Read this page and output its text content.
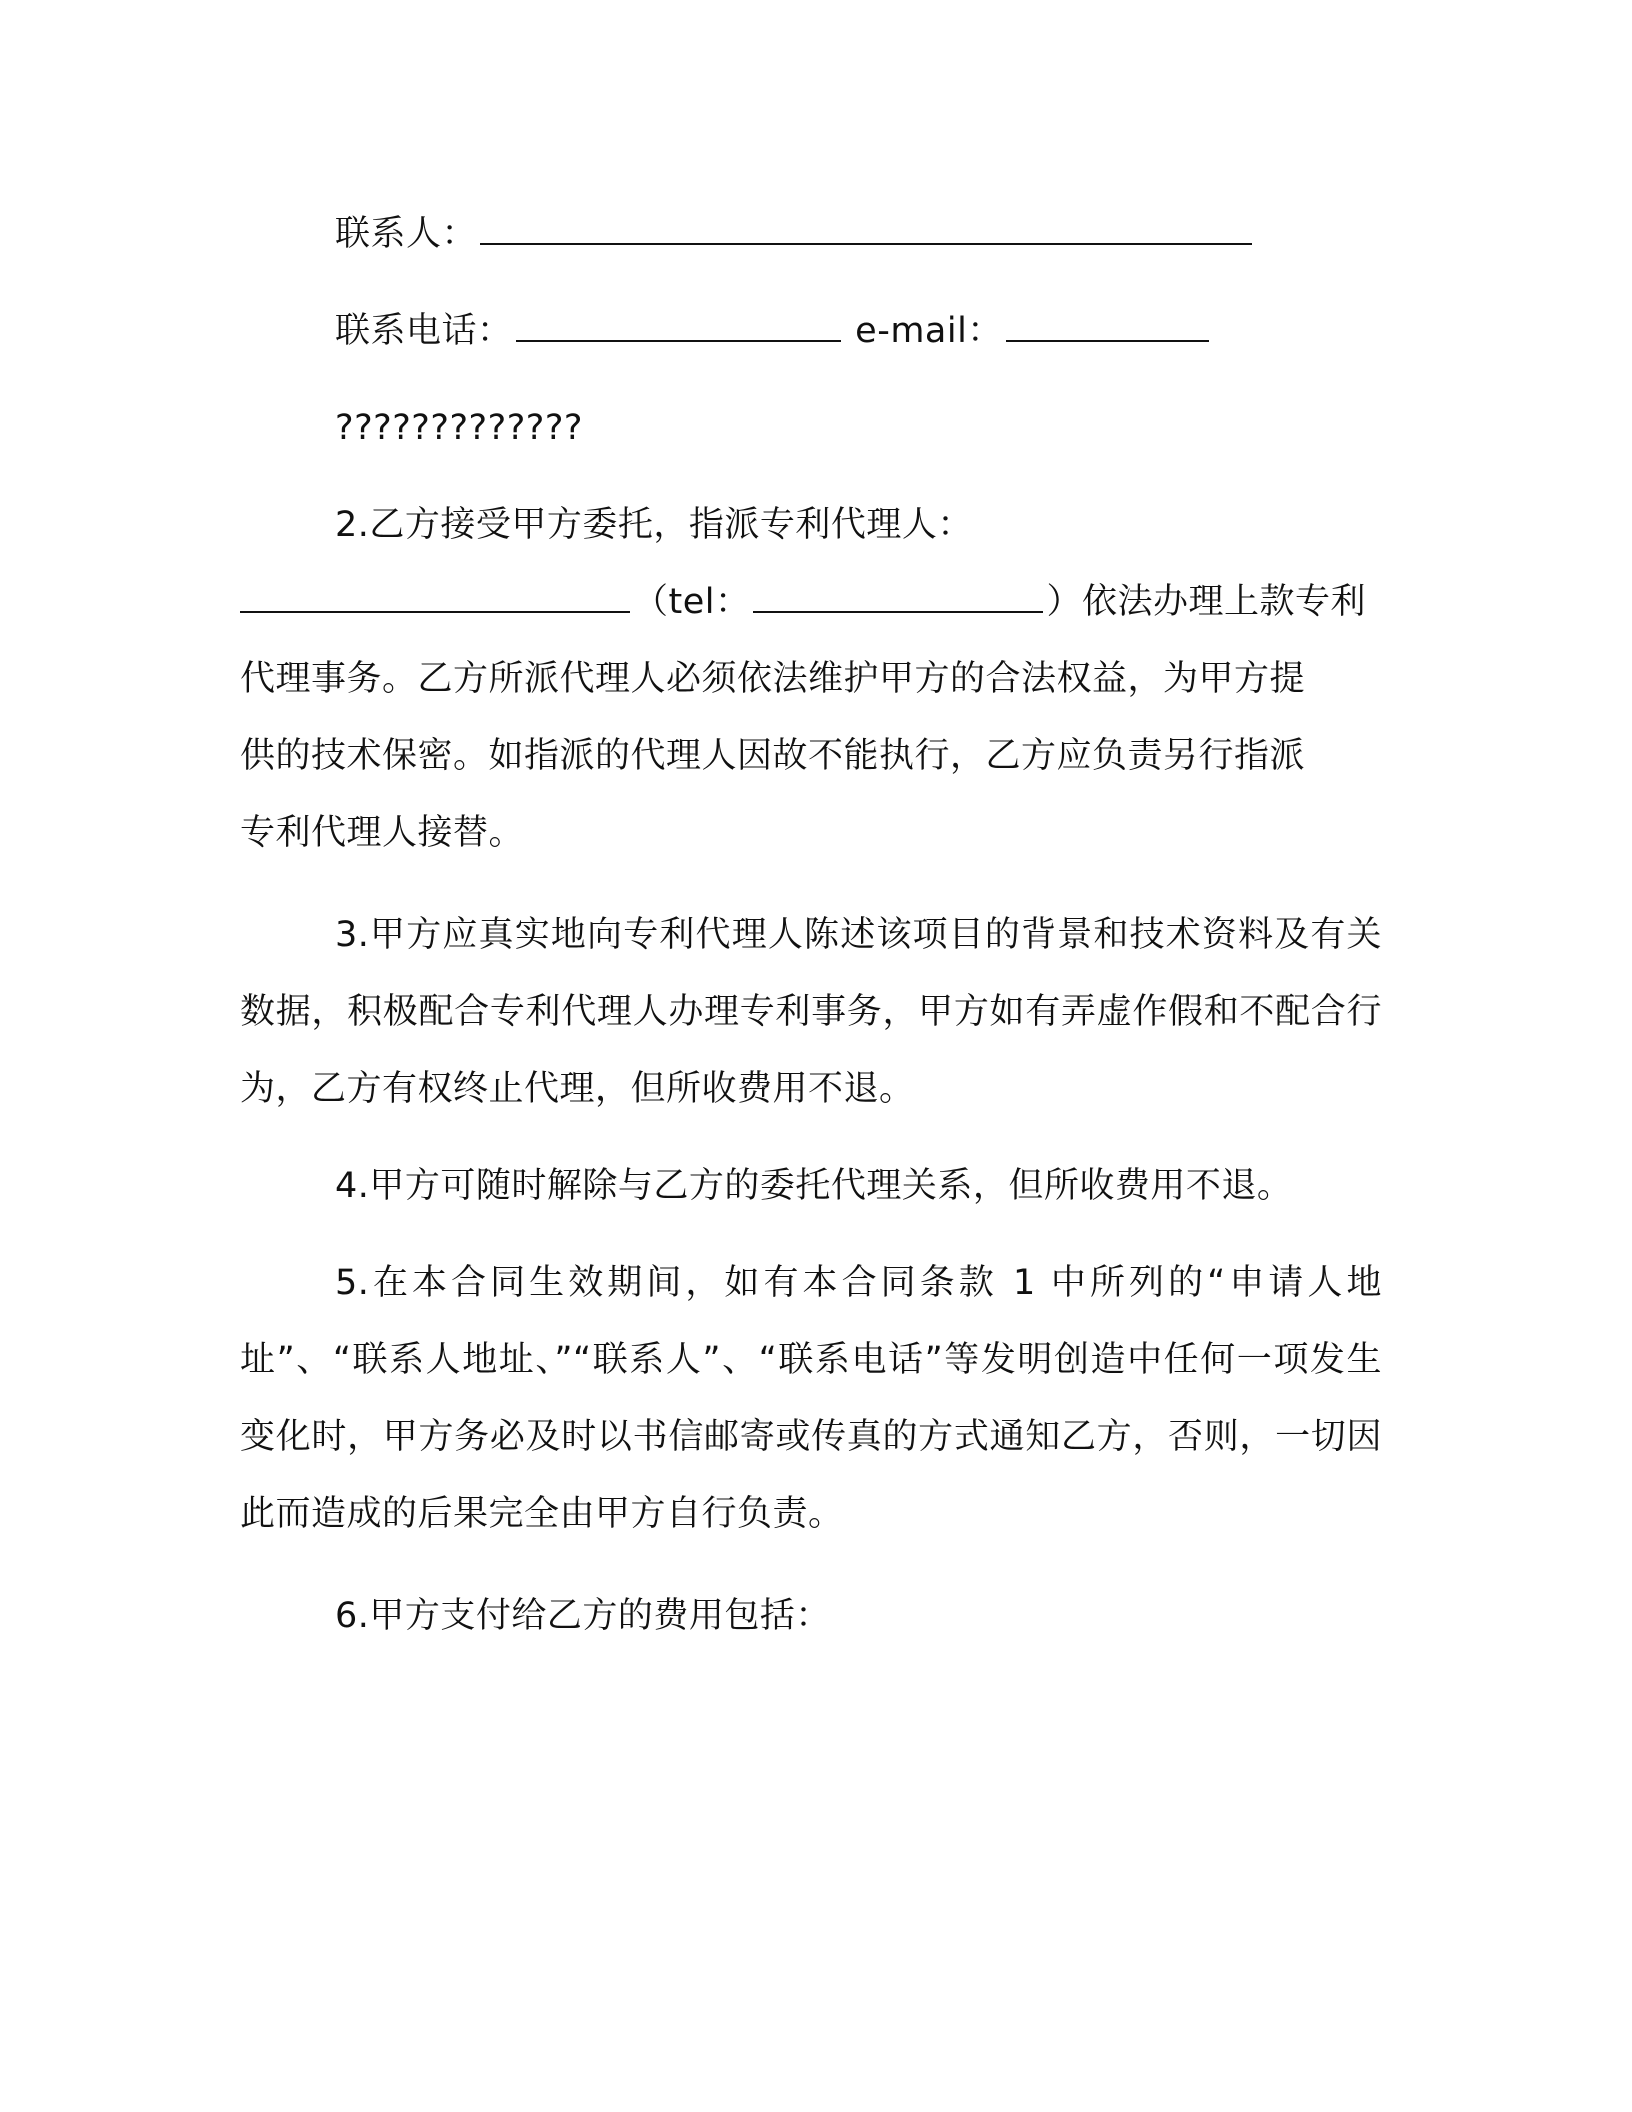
联系人：
联系电话：	e-mail：
?????????????
2.乙方接受甲方委托，指派专利代理人：
（tel：	）依法办理上款专利
代理事务。乙方所派代理人必须依法维护甲方的合法权益，为甲方提
供的技术保密。如指派的代理人因故不能执行，乙方应负责另行指派
专利代理人接替。

3.甲方应真实地向专利代理人陈述该项目的背景和技术资料及有关数据，积极配合专利代理人办理专利事务，甲方如有弄虚作假和不配合行为，乙方有权终止代理，但所收费用不退。

4.甲方可随时解除与乙方的委托代理关系，但所收费用不退。

5.在本合同生效期间，如有本合同条款 1 中所列的“申请人地址”、“联系人地址、”“联系人”、“联系电话”等发明创造中任何一项发生变化时，甲方务必及时以书信邮寄或传真的方式通知乙方，否则，一切因此而造成的后果完全由甲方自行负责。

6.甲方支付给乙方的费用包括：
